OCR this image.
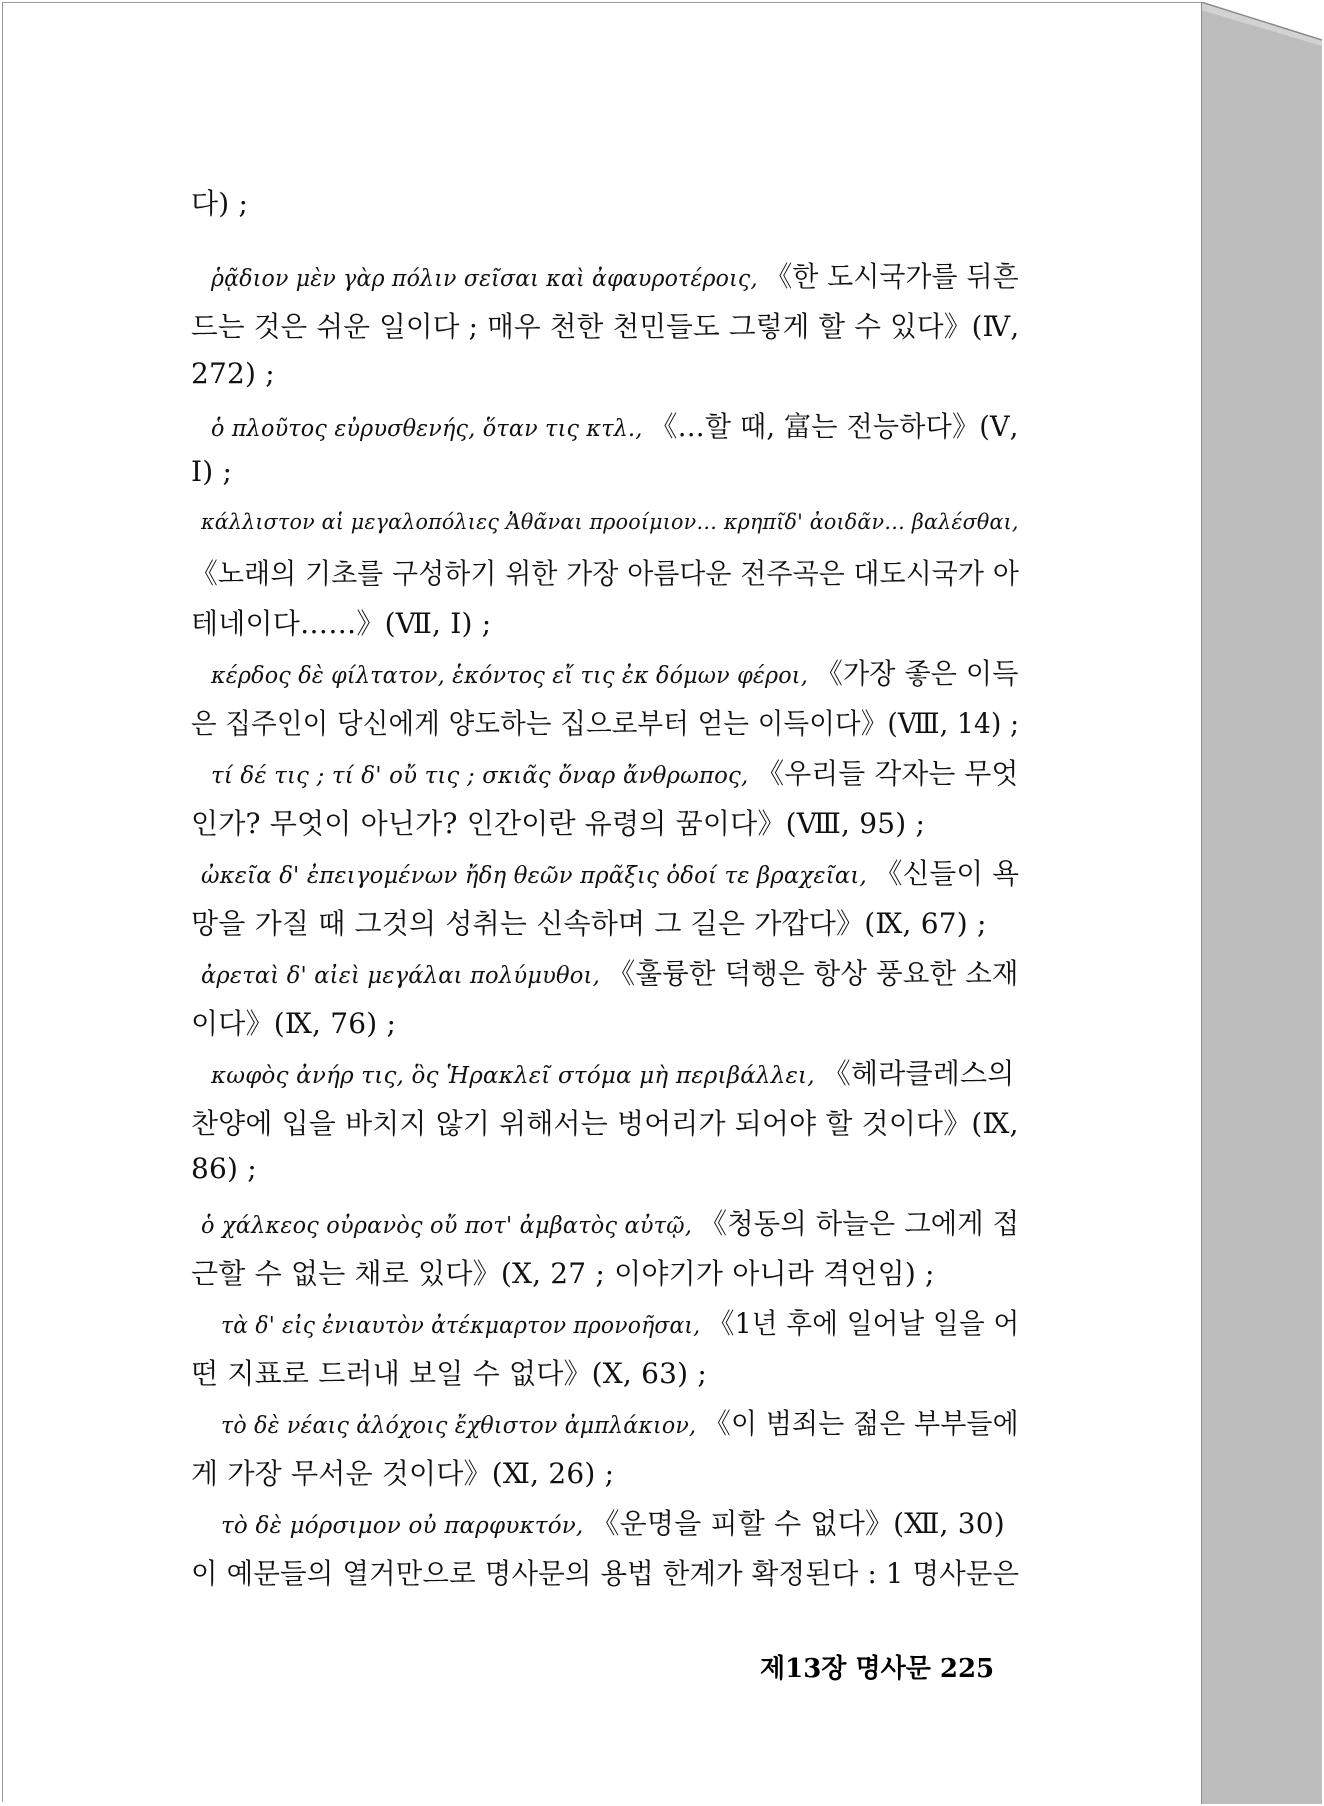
다) ;
ῥᾷδιον μὲν γὰρ πόλιν σεῖσαι καὶ ἀφαυροτέροις, 《한 도시국가를 뒤흔
드는 것은 쉬운 일이다 ; 매우 천한 천민들도 그렇게 할 수 있다》(Ⅳ,
272) ;
ὁ πλοῦτος εὐρυσθενής, ὅταν τις κτλ., 《…할 때, 富는 전능하다》(Ⅴ,
Ⅰ) ;
κάλλιστον αἱ μεγαλοπόλιες Ἀθᾶναι προοίμιον… κρηπῖδ' ἀοιδᾶν… βαλέσθαι,
《노래의 기초를 구성하기 위한 가장 아름다운 전주곡은 대도시국가 아
테네이다……》(Ⅶ, Ⅰ) ;
κέρδος δὲ φίλτατον, ἑκόντος εἴ τις ἐκ δόμων φέροι, 《가장 좋은 이득
은 집주인이 당신에게 양도하는 집으로부터 얻는 이득이다》(Ⅷ, 14) ;
τί δέ τις ; τί δ' οὔ τις ; σκιᾶς ὄναρ ἄνθρωπος, 《우리들 각자는 무엇
인가? 무엇이 아닌가? 인간이란 유령의 꿈이다》(Ⅷ, 95) ;
ὠκεῖα δ' ἐπειγομένων ἤδη θεῶν πρᾶξις ὁδοί τε βραχεῖαι, 《신들이 욕
망을 가질 때 그것의 성취는 신속하며 그 길은 가깝다》(Ⅸ, 67) ;
ἀρεταὶ δ' αἰεὶ μεγάλαι πολύμυθοι, 《훌륭한 덕행은 항상 풍요한 소재
이다》(Ⅸ, 76) ;
κωφὸς ἀνήρ τις, ὃς Ἡρακλεῖ στόμα μὴ περιβάλλει, 《헤라클레스의
찬양에 입을 바치지 않기 위해서는 벙어리가 되어야 할 것이다》(Ⅸ,
86) ;
ὁ χάλκεος οὐρανὸς οὔ ποτ' ἀμβατὸς αὐτῷ, 《청동의 하늘은 그에게 접
근할 수 없는 채로 있다》(Ⅹ, 27 ; 이야기가 아니라 격언임) ;
τὰ δ' εἰς ἐνιαυτὸν ἀτέκμαρτον προνοῆσαι, 《1년 후에 일어날 일을 어
떤 지표로 드러내 보일 수 없다》(Ⅹ, 63) ;
τὸ δὲ νέαις ἀλόχοις ἔχθιστον ἀμπλάκιον, 《이 범죄는 젊은 부부들에
게 가장 무서운 것이다》(Ⅺ, 26) ;
τὸ δὲ μόρσιμον οὐ παρφυκτόν, 《운명을 피할 수 없다》(Ⅻ, 30)
이 예문들의 열거만으로 명사문의 용법 한계가 확정된다 : 1 명사문은
제13장 명사문 225
